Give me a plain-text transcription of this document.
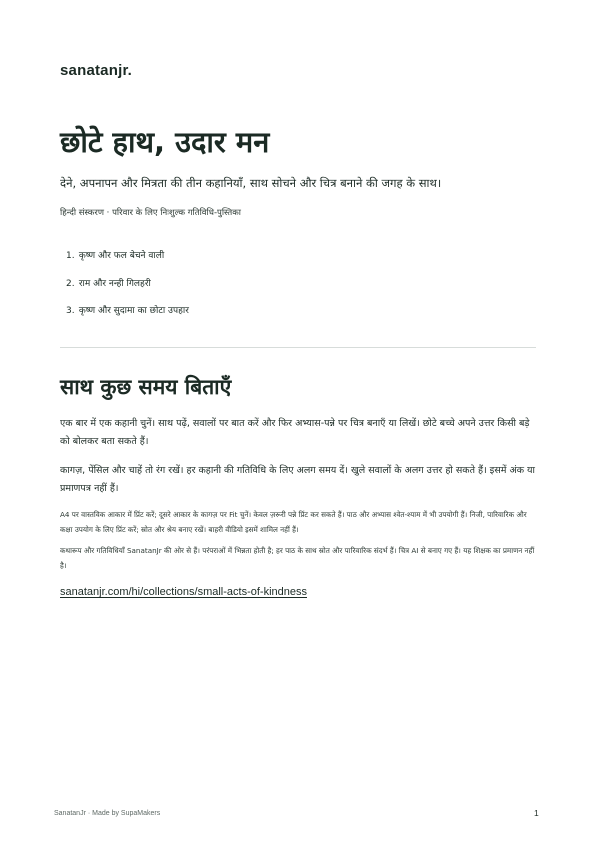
sanatanjr.
छोटे हाथ, उदार मन

देने, अपनापन और मित्रता की तीन कहानियाँ, साथ सोचने और चित्र बनाने की जगह के साथ।

हिन्दी संस्करण · परिवार के लिए निःशुल्क गतिविधि-पुस्तिका

1. कृष्ण और फल बेचने वाली
2. राम और नन्ही गिलहरी
3. कृष्ण और सुदामा का छोटा उपहार
साथ कुछ समय बिताएँ

एक बार में एक कहानी चुनें। साथ पढ़ें, सवालों पर बात करें और फिर अभ्यास-पन्ने पर चित्र बनाएँ या लिखें। छोटे बच्चे अपने उत्तर किसी बड़े को बोलकर बता सकते हैं।

कागज़, पेंसिल और चाहें तो रंग रखें। हर कहानी की गतिविधि के लिए अलग समय दें। खुले सवालों के अलग उत्तर हो सकते हैं। इसमें अंक या प्रमाणपत्र नहीं हैं।

A4 पर वास्तविक आकार में प्रिंट करें; दूसरे आकार के कागज़ पर Fit चुनें। केवल ज़रूरी पन्ने प्रिंट कर सकते हैं। पाठ और अभ्यास श्वेत-श्याम में भी उपयोगी हैं। निजी, पारिवारिक और कक्षा उपयोग के लिए प्रिंट करें; स्रोत और श्रेय बनाए रखें। बाहरी वीडियो इसमें शामिल नहीं हैं।

कथारूप और गतिविधियाँ SanatanJr की ओर से हैं। परंपराओं में भिन्नता होती है; हर पाठ के साथ स्रोत और पारिवारिक संदर्भ हैं। चित्र AI से बनाए गए हैं। यह शिक्षक का प्रमाणन नहीं है।

sanatanjr.com/hi/collections/small-acts-of-kindness
SanatanJr · Made by SupaMakers	1
